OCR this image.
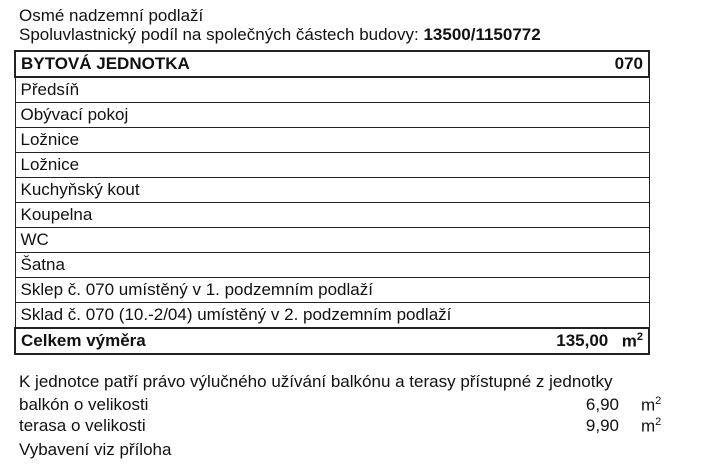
Osmé nadzemní podlaží
Spoluvlastnický podíl na společných částech budovy: 13500/1150772
BYTOVÁ JEDNOTKA	070

Předsíň
Obývací pokoj
Ložnice
Ložnice
Kuchyňský kout
Koupelna
WC
Šatna
Sklep č. 070 umístěný v 1. podzemním podlaží
Sklad č. 070 (10.-2/04) umístěný v 2. podzemním podlaží
Celkem výměra	135,00 $m^2$
K jednotce patří právo výlučného užívání balkónu a terasy přístupné z jednotky
balkón o velikosti	6,90 $m^2$
terasa o velikosti	9,90 $m^2$
Vybavení viz příloha
